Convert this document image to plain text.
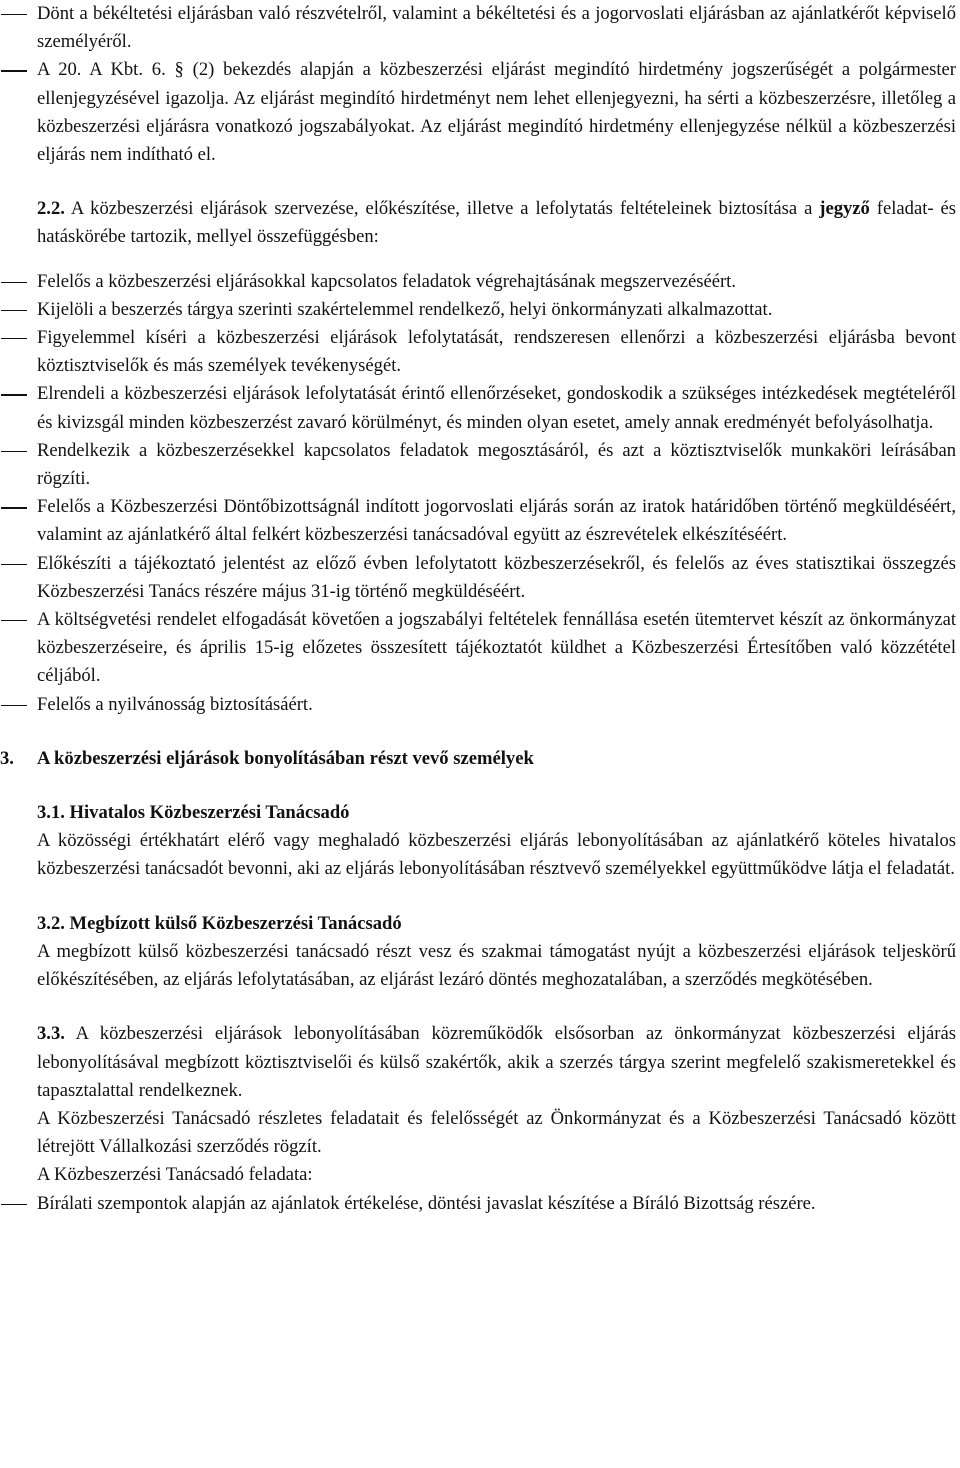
Dönt a békéltetési eljárásban való részvételről, valamint a békéltetési és a jogorvoslati eljárásban az ajánlatkérőt képviselő személyéről.
A 20. A Kbt. 6. § (2) bekezdés alapján a közbeszerzési eljárást megindító hirdetmény jogszerűségét a polgármester ellenjegyzésével igazolja. Az eljárást megindító hirdetményt nem lehet ellenjegyezni, ha sérti a közbeszerzésre, illetőleg a közbeszerzési eljárásra vonatkozó jogszabályokat. Az eljárást megindító hirdetmény ellenjegyzése nélkül a közbeszerzési eljárás nem indítható el.
2.2. A közbeszerzési eljárások szervezése, előkészítése, illetve a lefolytatás feltételeinek biztosítása a jegyző feladat- és hatáskörébe tartozik, mellyel összefüggésben:
Felelős a közbeszerzési eljárásokkal kapcsolatos feladatok végrehajtásának megszervezéséért.
Kijelöli a beszerzés tárgya szerinti szakértelemmel rendelkező, helyi önkormányzati alkalmazottat.
Figyelemmel kíséri a közbeszerzési eljárások lefolytatását, rendszeresen ellenőrzi a közbeszerzési eljárásba bevont köztisztviselők és más személyek tevékenységét.
Elrendeli a közbeszerzési eljárások lefolytatását érintő ellenőrzéseket, gondoskodik a szükséges intézkedések megtételéről és kivizsgál minden közbeszerzést zavaró körülményt, és minden olyan esetet, amely annak eredményét befolyásolhatja.
Rendelkezik a közbeszerzésekkel kapcsolatos feladatok megosztásáról, és azt a köztisztviselők munkaköri leírásában rögzíti.
Felelős a Közbeszerzési Döntőbizottságnál indított jogorvoslati eljárás során az iratok határidőben történő megküldéséért, valamint az ajánlatkérő által felkért közbeszerzési tanácsadóval együtt az észrevételek elkészítéséért.
Előkészíti a tájékoztató jelentést az előző évben lefolytatott közbeszerzésekről, és felelős az éves statisztikai összegzés Közbeszerzési Tanács részére május 31-ig történő megküldéséért.
A költségvetési rendelet elfogadását követően a jogszabályi feltételek fennállása esetén ütemtervet készít az önkormányzat közbeszerzéseire, és április 15-ig előzetes összesített tájékoztatót küldhet a Közbeszerzési Értesítőben való közzététel céljából.
Felelős a nyilvánosság biztosításáért.
3.	A közbeszerzési eljárások bonyolításában részt vevő személyek
3.1. Hivatalos Közbeszerzési Tanácsadó
A közösségi értékhatárt elérő vagy meghaladó közbeszerzési eljárás lebonyolításában az ajánlatkérő köteles hivatalos közbeszerzési tanácsadót bevonni, aki az eljárás lebonyolításában résztvevő személyekkel együttműködve látja el feladatát.
3.2. Megbízott külső Közbeszerzési Tanácsadó
A megbízott külső közbeszerzési tanácsadó részt vesz és szakmai támogatást nyújt a közbeszerzési eljárások teljeskörű előkészítésében, az eljárás lefolytatásában, az eljárást lezáró döntés meghozatalában, a szerződés megkötésében.
3.3. A közbeszerzési eljárások lebonyolításában közreműködők elsősorban az önkormányzat közbeszerzési eljárás lebonyolításával megbízott köztisztviselői és külső szakértők, akik a szerzés tárgya szerint megfelelő szakismeretekkel és tapasztalattal rendelkeznek.
A Közbeszerzési Tanácsadó részletes feladatait és felelősségét az Önkormányzat és a Közbeszerzési Tanácsadó között létrejött Vállalkozási szerződés rögzít.
A Közbeszerzési Tanácsadó feladata:
Bírálati szempontok alapján az ajánlatok értékelése, döntési javaslat készítése a Bíráló Bizottság részére.
